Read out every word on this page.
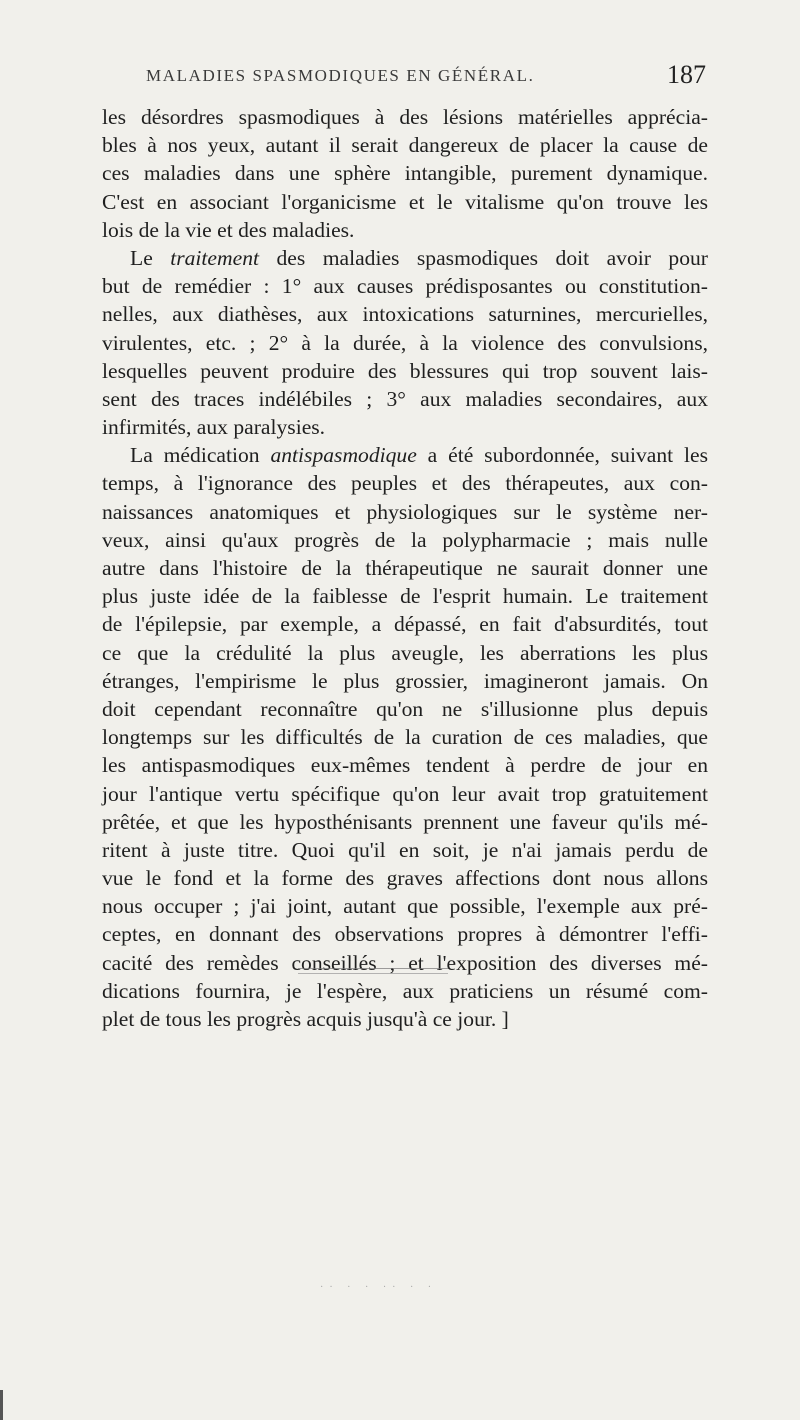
MALADIES SPASMODIQUES EN GÉNÉRAL.	187
les désordres spasmodiques à des lésions matérielles apprécia-
bles à nos yeux, autant il serait dangereux de placer la cause de
ces maladies dans une sphère intangible, purement dynamique.
C'est en associant l'organicisme et le vitalisme qu'on trouve les
lois de la vie et des maladies.
Le traitement des maladies spasmodiques doit avoir pour
but de remédier : 1° aux causes prédisposantes ou constitution-
nelles, aux diathèses, aux intoxications saturnines, mercurielles,
virulentes, etc. ; 2° à la durée, à la violence des convulsions,
lesquelles peuvent produire des blessures qui trop souvent lais-
sent des traces indélébiles ; 3° aux maladies secondaires, aux
infirmités, aux paralysies.
La médication antispasmodique a été subordonnée, suivant les
temps, à l'ignorance des peuples et des thérapeutes, aux con-
naissances anatomiques et physiologiques sur le système ner-
veux, ainsi qu'aux progrès de la polypharmacie ; mais nulle
autre dans l'histoire de la thérapeutique ne saurait donner une
plus juste idée de la faiblesse de l'esprit humain. Le traitement
de l'épilepsie, par exemple, a dépassé, en fait d'absurdités, tout
ce que la crédulité la plus aveugle, les aberrations les plus
étranges, l'empirisme le plus grossier, imagineront jamais. On
doit cependant reconnaître qu'on ne s'illusionne plus depuis
longtemps sur les difficultés de la curation de ces maladies, que
les antispasmodiques eux-mêmes tendent à perdre de jour en
jour l'antique vertu spécifique qu'on leur avait trop gratuitement
prêtée, et que les hyposthénisants prennent une faveur qu'ils mé-
ritent à juste titre. Quoi qu'il en soit, je n'ai jamais perdu de
vue le fond et la forme des graves affections dont nous allons
nous occuper ; j'ai joint, autant que possible, l'exemple aux pré-
ceptes, en donnant des observations propres à démontrer l'effi-
cacité des remèdes conseillés ; et l'exposition des diverses mé-
dications fournira, je l'espère, aux praticiens un résumé com-
plet de tous les progrès acquis jusqu'à ce jour. ]
·· · · ·· · ·
